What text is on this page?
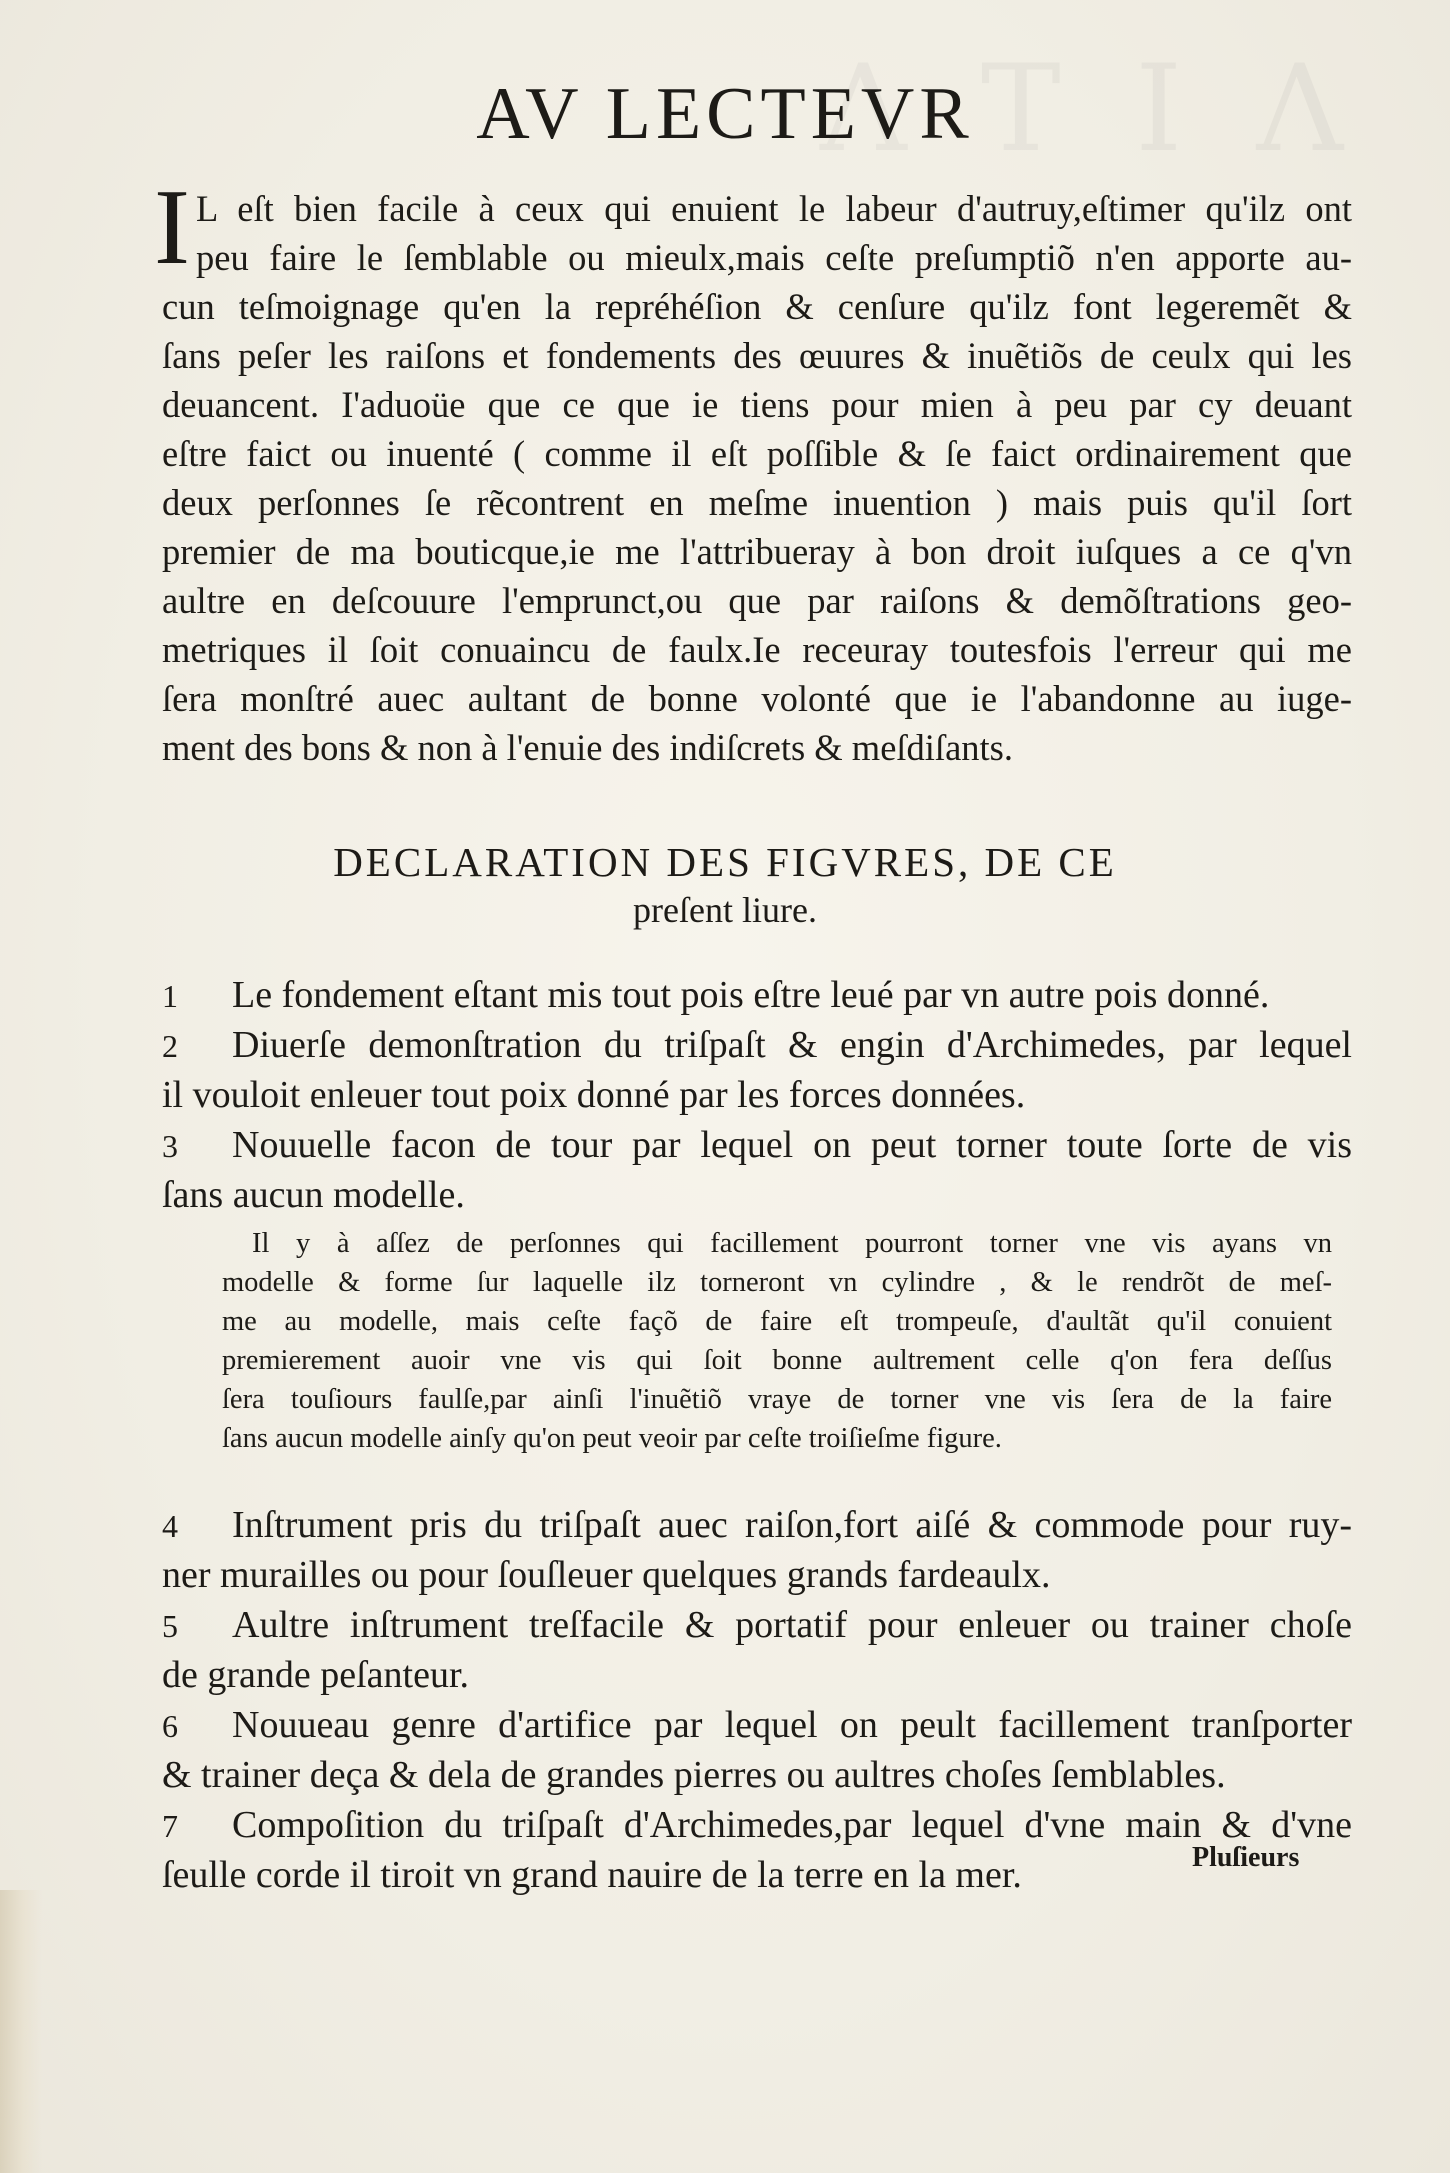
AV LECTEVR
I L eſt bien facile à ceux qui enuient le labeur d'autruy,eſtimer qu'ilz ont
peu faire le ſemblable ou mieulx,mais ceſte preſumptiõ n'en apporte au-
cun teſmoignage qu'en la repréhéſion & cenſure qu'ilz font legeremẽt &
ſans peſer les raiſons et fondements des œuures & inuẽtiõs de ceulx qui les
deuancent. I'aduoüe que ce que ie tiens pour mien à peu par cy deuant
eſtre faict ou inuenté ( comme il eſt poſſible & ſe faict ordinairement que
deux perſonnes ſe rẽcontrent en meſme inuention ) mais puis qu'il ſort
premier de ma bouticque,ie me l'attribueray à bon droit iuſques a ce q'vn
aultre en deſcouure l'emprunct,ou que par raiſons & demõſtrations geo-
metriques il ſoit conuaincu de faulx.Ie receuray toutesfois l'erreur qui me
ſera monſtré auec aultant de bonne volonté que ie l'abandonne au iuge-
ment des bons & non à l'enuie des indiſcrets & meſdiſants.
DECLARATION DES FIGVRES, DE CE
preſent liure.
1 Le fondement eſtant mis tout pois eſtre leué par vn autre pois donné.
2 Diuerſe demonſtration du triſpaſt & engin d'Archimedes, par lequel
il vouloit enleuer tout poix donné par les forces données.
3 Nouuelle facon de tour par lequel on peut torner toute ſorte de vis
ſans aucun modelle.
Il y à aſſez de perſonnes qui facillement pourront torner vne vis ayans vn
modelle & forme ſur laquelle ilz torneront vn cylindre , & le rendrõt de meſ-
me au modelle, mais ceſte façõ de faire eſt trompeuſe, d'aultãt qu'il conuient
premierement auoir vne vis qui ſoit bonne aultrement celle q'on fera deſſus
ſera touſiours faulſe,par ainſi l'inuẽtiõ vraye de torner vne vis ſera de la faire
ſans aucun modelle ainſy qu'on peut veoir par ceſte troiſieſme figure.
4 Inſtrument pris du triſpaſt auec raiſon,fort aiſé & commode pour ruy-
ner murailles ou pour ſouſleuer quelques grands fardeaulx.
5 Aultre inſtrument treſfacile & portatif pour enleuer ou trainer choſe
de grande peſanteur.
6 Nouueau genre d'artifice par lequel on peult facillement tranſporter
& trainer deça & dela de grandes pierres ou aultres choſes ſemblables.
7 Compoſition du triſpaſt d'Archimedes,par lequel d'vne main & d'vne
ſeulle corde il tiroit vn grand nauire de la terre en la mer.	Pluſieurs
